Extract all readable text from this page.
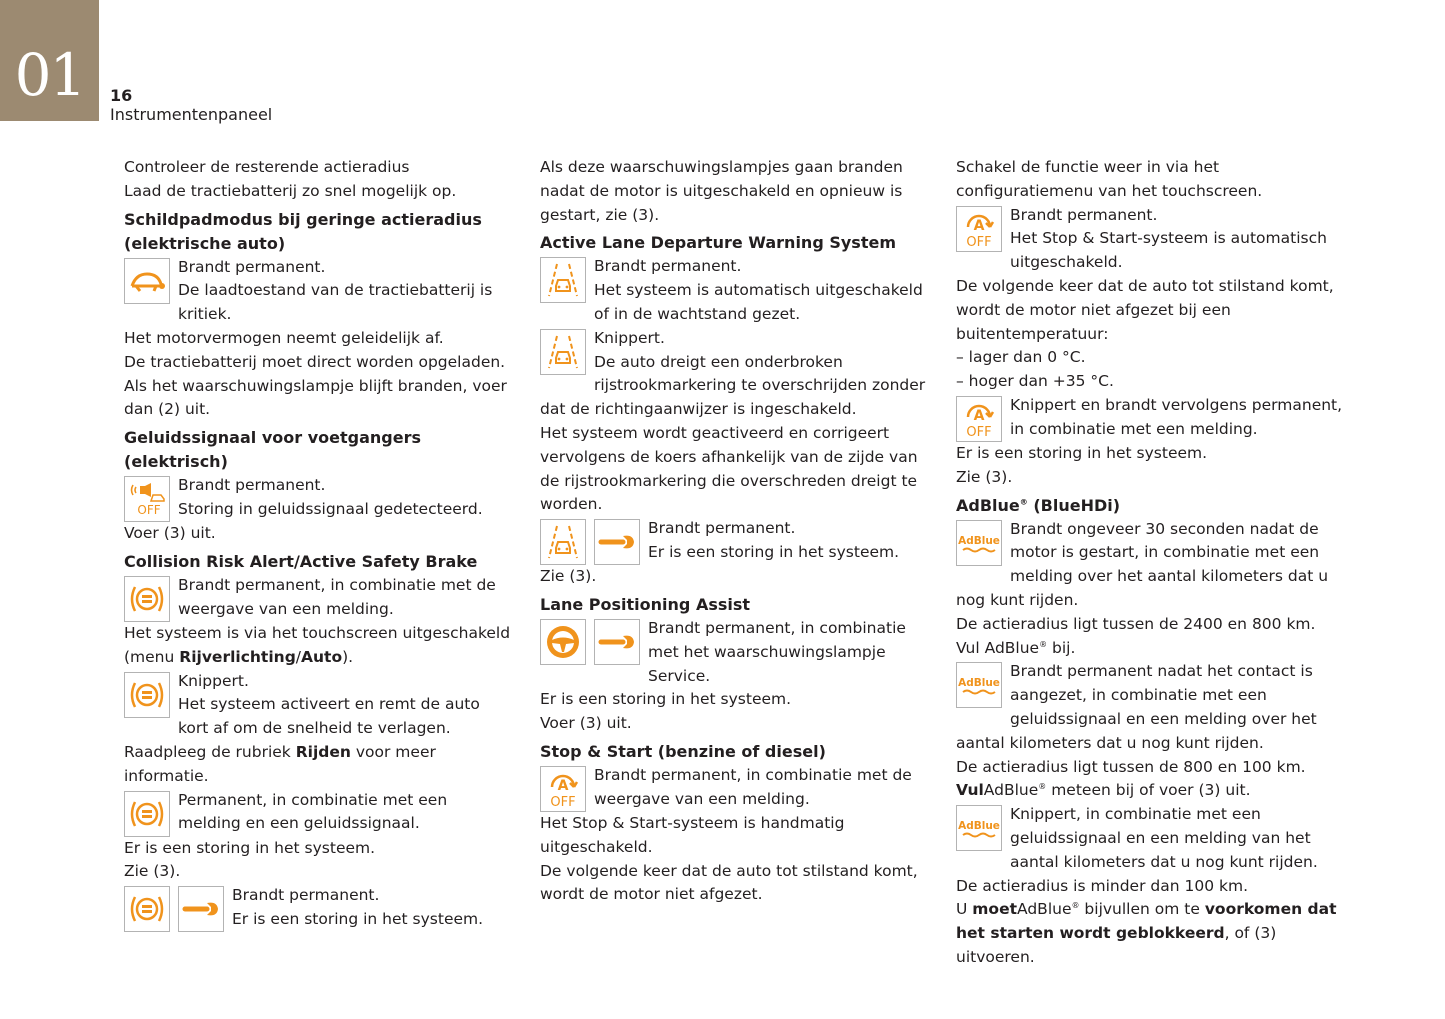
01	16
Instrumentenpaneel

Controleer de resterende actieradius

Laad de tractiebatterij zo snel mogelijk op.

Schildpadmodus bij geringe actieradius (elektrische auto)

Brandt permanent.

De laadtoestand van de tractiebatterij is kritiek.

Het motorvermogen neemt geleidelijk af.

De tractiebatterij moet direct worden opgeladen.

Als het waarschuwingslampje blijft branden, voer dan (2) uit.

Geluidssignaal voor voetgangers (elektrisch)
OFF

Brandt permanent.

Storing in geluidssignaal gedetecteerd.

Voer (3) uit.

Collision Risk Alert/Active Safety Brake

Brandt permanent, in combinatie met de weergave van een melding.

Het systeem is via het touchscreen uitgeschakeld (menu Rijverlichting/Auto).

Knippert.

Het systeem activeert en remt de auto kort af om de snelheid te verlagen.

Raadpleeg de rubriek Rijden voor meer informatie.

Permanent, in combinatie met een melding en een geluidssignaal.

Er is een storing in het systeem.

Zie (3).

Brandt permanent.

Er is een storing in het systeem.

Als deze waarschuwingslampjes gaan branden nadat de motor is uitgeschakeld en opnieuw is gestart, zie (3).

Active Lane Departure Warning System

Brandt permanent.

Het systeem is automatisch uitgeschakeld of in de wachtstand gezet.

Knippert.

De auto dreigt een onderbroken rijstrookmarkering te overschrijden zonder dat de richtingaanwijzer is ingeschakeld.

Het systeem wordt geactiveerd en corrigeert vervolgens de koers afhankelijk van de zijde van de rijstrookmarkering die overschreden dreigt te worden.

Brandt permanent.

Er is een storing in het systeem.

Zie (3).

Lane Positioning Assist

Brandt permanent, in combinatie met het waarschuwingslampje Service.

Er is een storing in het systeem.

Voer (3) uit.

Stop & Start (benzine of diesel)
A
OFF

Brandt permanent, in combinatie met de weergave van een melding.

Het Stop & Start-systeem is handmatig uitgeschakeld.

De volgende keer dat de auto tot stilstand komt, wordt de motor niet afgezet.

Schakel de functie weer in via het configuratiemenu van het touchscreen.

A
OFF

Brandt permanent.

Het Stop & Start-systeem is automatisch uitgeschakeld.

De volgende keer dat de auto tot stilstand komt, wordt de motor niet afgezet bij een buitentemperatuur:

– lager dan 0 °C.

– hoger dan +35 °C.

A
OFF

Knippert en brandt vervolgens permanent, in combinatie met een melding.

Er is een storing in het systeem.

Zie (3).

AdBlue® (BlueHDi)
AdBlue

Brandt ongeveer 30 seconden nadat de motor is gestart, in combinatie met een melding over het aantal kilometers dat u nog kunt rijden.

De actieradius ligt tussen de 2400 en 800 km.

Vul AdBlue® bij.

AdBlue

Brandt permanent nadat het contact is aangezet, in combinatie met een geluidssignaal en een melding over het aantal kilometers dat u nog kunt rijden.

De actieradius ligt tussen de 800 en 100 km.

VulAdBlue® meteen bij of voer (3) uit.

AdBlue

Knippert, in combinatie met een geluidssignaal en een melding van het aantal kilometers dat u nog kunt rijden.

De actieradius is minder dan 100 km.

U moetAdBlue® bijvullen om te voorkomen dat het starten wordt geblokkeerd, of (3) uitvoeren.
